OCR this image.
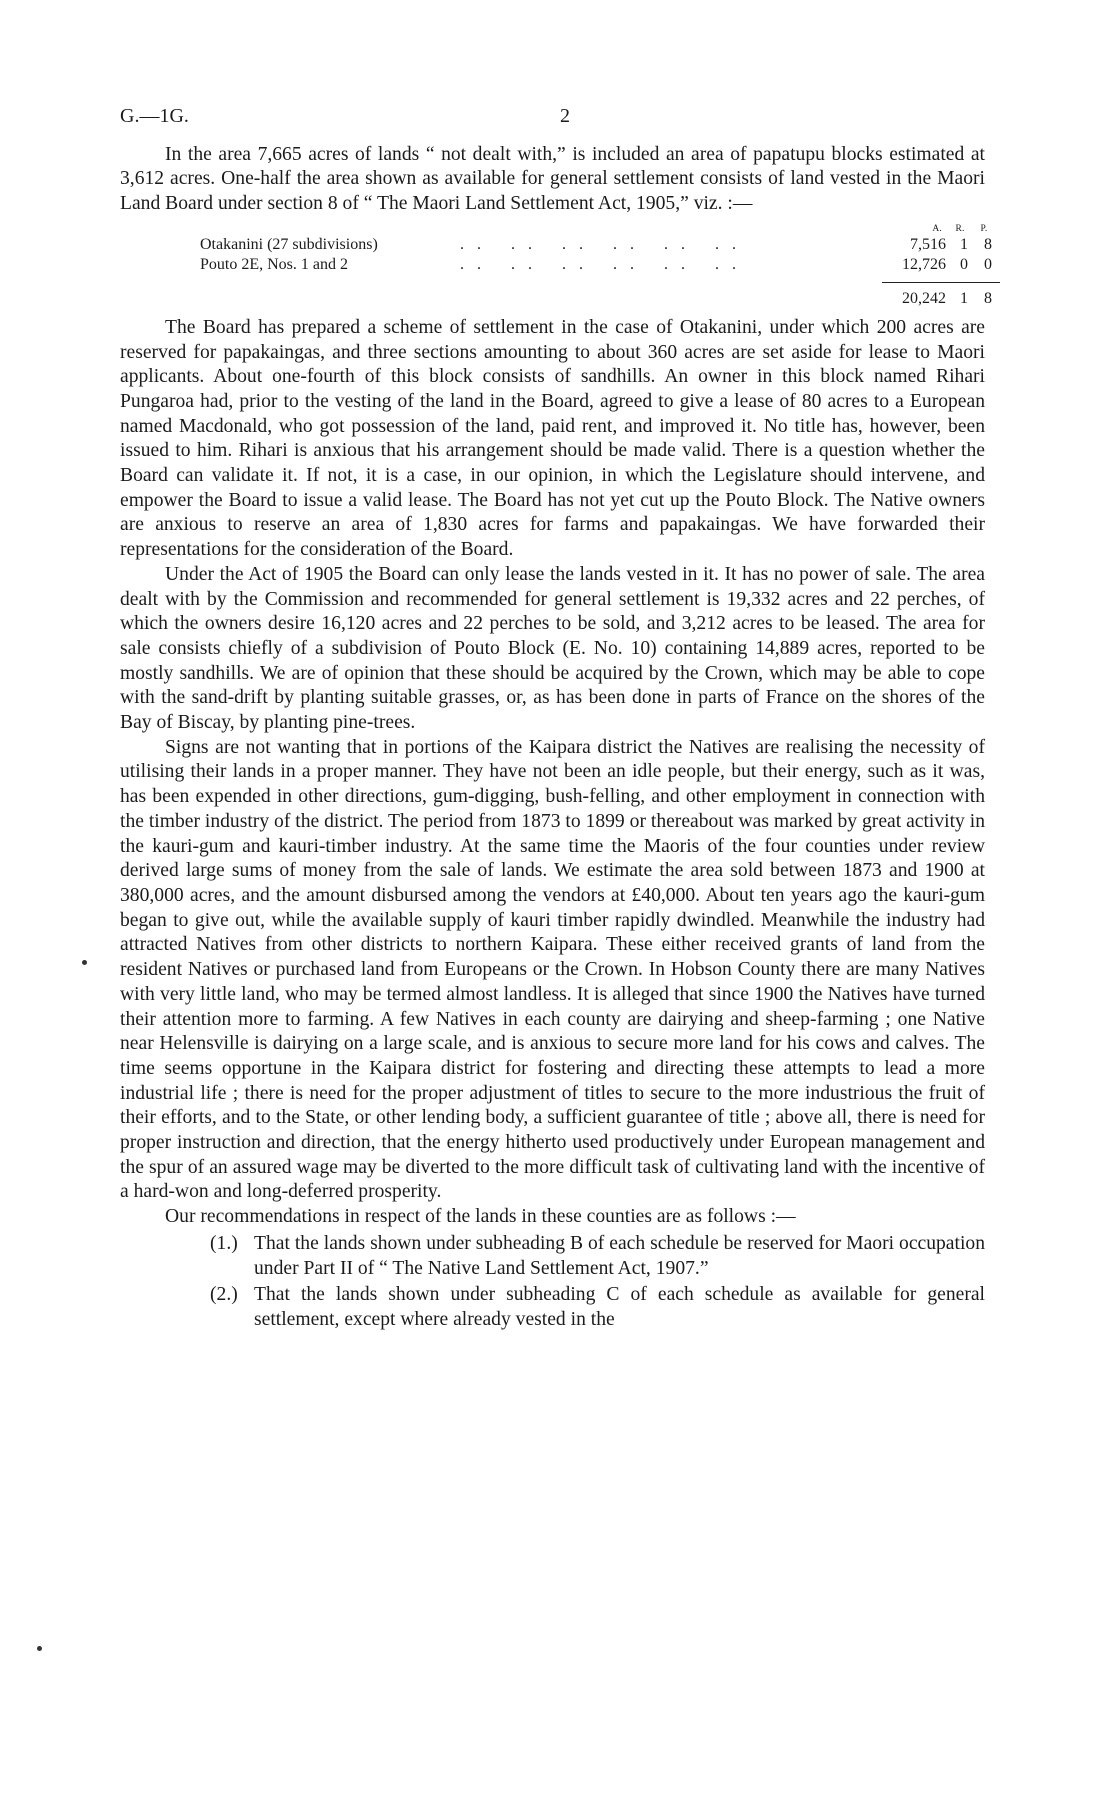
G.—1G.	2

In the area 7,665 acres of lands “ not dealt with,” is included an area of papatupu blocks estimated at 3,612 acres. One-half the area shown as available for general settlement consists of land vested in the Maori Land Board under section 8 of “ The Maori Land Settlement Act, 1905,” viz. :—

A.	R.	P.
Otakanini (27 subdivisions)	.. .. .. .. .. ..	7,516 1	8
Pouto 2E, Nos. 1 and 2	.. .. .. .. .. ..	12,726 0	0
20,242 1	8

The Board has prepared a scheme of settlement in the case of Otakanini, under which 200 acres are reserved for papakaingas, and three sections amounting to about 360 acres are set aside for lease to Maori applicants. About one-fourth of this block consists of sandhills. An owner in this block named Rihari Pungaroa had, prior to the vesting of the land in the Board, agreed to give a lease of 80 acres to a European named Macdonald, who got possession of the land, paid rent, and improved it. No title has, however, been issued to him. Rihari is anxious that his arrangement should be made valid. There is a question whether the Board can validate it. If not, it is a case, in our opinion, in which the Legislature should intervene, and empower the Board to issue a valid lease. The Board has not yet cut up the Pouto Block. The Native owners are anxious to reserve an area of 1,830 acres for farms and papakaingas. We have forwarded their representations for the consideration of the Board.

Under the Act of 1905 the Board can only lease the lands vested in it. It has no power of sale. The area dealt with by the Commission and recommended for general settlement is 19,332 acres and 22 perches, of which the owners desire 16,120 acres and 22 perches to be sold, and 3,212 acres to be leased. The area for sale consists chiefly of a subdivision of Pouto Block (E. No. 10) containing 14,889 acres, reported to be mostly sandhills. We are of opinion that these should be acquired by the Crown, which may be able to cope with the sand-drift by planting suitable grasses, or, as has been done in parts of France on the shores of the Bay of Biscay, by planting pine-trees.

Signs are not wanting that in portions of the Kaipara district the Natives are realising the necessity of utilising their lands in a proper manner. They have not been an idle people, but their energy, such as it was, has been expended in other directions, gum-digging, bush-felling, and other employment in connection with the timber industry of the district. The period from 1873 to 1899 or thereabout was marked by great activity in the kauri-gum and kauri-timber industry. At the same time the Maoris of the four counties under review derived large sums of money from the sale of lands. We estimate the area sold between 1873 and 1900 at 380,000 acres, and the amount disbursed among the vendors at £40,000. About ten years ago the kauri-gum began to give out, while the available supply of kauri timber rapidly dwindled. Meanwhile the industry had attracted Natives from other districts to northern Kaipara. These either received grants of land from the resident Natives or purchased land from Europeans or the Crown. In Hobson County there are many Natives with very little land, who may be termed almost landless. It is alleged that since 1900 the Natives have turned their attention more to farming. A few Natives in each county are dairying and sheep-farming ; one Native near Helensville is dairying on a large scale, and is anxious to secure more land for his cows and calves. The time seems opportune in the Kaipara district for fostering and directing these attempts to lead a more industrial life ; there is need for the proper adjustment of titles to secure to the more industrious the fruit of their efforts, and to the State, or other lending body, a sufficient guarantee of title ; above all, there is need for proper instruction and direction, that the energy hitherto used productively under European management and the spur of an assured wage may be diverted to the more difficult task of cultivating land with the incentive of a hard-won and long-deferred prosperity.

Our recommendations in respect of the lands in these counties are as follows :—

(1.) That the lands shown under subheading B of each schedule be reserved for Maori occupation under Part II of “ The Native Land Settlement Act, 1907.”
(2.) That the lands shown under subheading C of each schedule as available for general settlement, except where already vested in the
